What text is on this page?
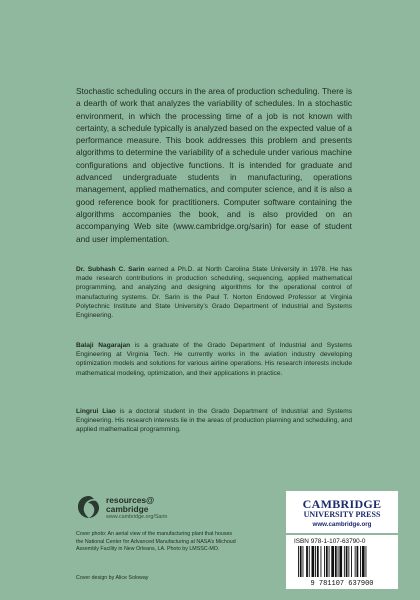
Stochastic scheduling occurs in the area of production scheduling. There is a dearth of work that analyzes the variability of schedules. In a stochastic environment, in which the processing time of a job is not known with certainty, a schedule typically is analyzed based on the expected value of a performance measure. This book addresses this problem and presents algorithms to determine the variability of a schedule under various machine configurations and objective functions. It is intended for graduate and advanced undergraduate students in manufacturing, operations management, applied mathematics, and computer science, and it is also a good reference book for practitioners. Computer software containing the algorithms accompanies the book, and is also provided on an accompanying Web site (www.cambridge.org/sarin) for ease of student and user implementation.

Dr. Subhash C. Sarin earned a Ph.D. at North Carolina State University in 1978. He has made research contributions in production scheduling, sequencing, applied mathematical programming, and analyzing and designing algorithms for the operational control of manufacturing systems. Dr. Sarin is the Paul T. Norton Endowed Professor at Virginia Polytechnic Institute and State University’s Grado Department of Industrial and Systems Engineering.

Balaji Nagarajan is a graduate of the Grado Department of Industrial and Systems Engineering at Virginia Tech. He currently works in the aviation industry developing optimization models and solutions for various airline operations. His research interests include mathematical modeling, optimization, and their applications in practice.

Lingrui Liao is a doctoral student in the Grado Department of Industrial and Systems Engineering. His research interests lie in the areas of production planning and scheduling, and applied mathematical programming.

resources@
cambridge
www.cambridge.org/Sarin

Cover photo: An aerial view of the manufacturing plant that houses the National Center for Advanced Manufacturing at NASA’s Michoud Assembly Facility in New Orleans, LA. Photo by LMSSC-MO.

Cover design by Alice Soloway

CAMBRIDGE
UNIVERSITY PRESS
www.cambridge.org
ISBN 978-1-107-63790-0
9 781107 637900
